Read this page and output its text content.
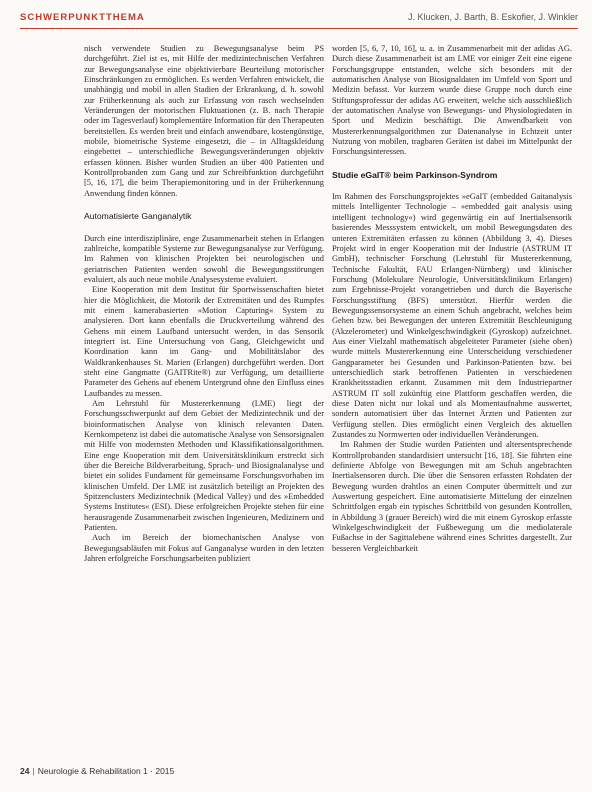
SCHWERPUNKTTHEMA	J. Klucken, J. Barth, B. Eskofier, J. Winkler

nisch verwendete Studien zu Bewegungsanalyse beim PS durchgeführt. Ziel ist es, mit Hilfe der medizintechnischen Verfahren zur Bewegungsanalyse eine objektivierbare Beurteilung motorischer Einschränkungen zu ermöglichen. Es werden Verfahren entwickelt, die unabhängig und mobil in allen Stadien der Erkrankung, d. h. sowohl zur Früherkennung als auch zur Erfassung von rasch wechselnden Veränderungen der motorischen Fluktuationen (z. B. nach Therapie oder im Tagesverlauf) komplementäre Information für den Therapeuten bereitstellen. Es werden breit und einfach anwendbare, kostengünstige, mobile, biometrische Systeme eingesetzt, die – in Alltagskleidung eingebettet – unterschiedliche Bewegungsveränderungen objektiv erfassen können. Bisher wurden Studien an über 400 Patienten und Kontrollprobanden zum Gang und zur Schreibfunktion durchgeführt [5, 16, 17], die beim Therapiemonitoring und in der Früherkennung Anwendung finden können.

Automatisierte Ganganalytik

Durch eine interdisziplinäre, enge Zusammenarbeit stehen in Erlangen zahlreiche, kompatible Systeme zur Bewegungsanalyse zur Verfügung. Im Rahmen von klinischen Projekten bei neurologischen und geriatrischen Patienten werden sowohl die Bewegungsstörungen evaluiert, als auch neue mobile Analysesysteme evaluiert.

Eine Kooperation mit dem Institut für Sportwissenschaften bietet hier die Möglichkeit, die Motorik der Extremitäten und des Rumpfes mit einem kamerabasierten »Motion Capturing« System zu analysieren. Dort kann ebenfalls die Druckverteilung während des Gehens mit einem Laufband untersucht werden, in das Sensorik integriert ist. Eine Untersuchung von Gang, Gleichgewicht und Koordination kann im Gang- und Mobilitätslabor des Waldkrankenhauses St. Marien (Erlangen) durchgeführt werden. Dort steht eine Gangmatte (GAITRite®) zur Verfügung, um detaillierte Parameter des Gehens auf ebenem Untergrund ohne den Einfluss eines Laufbandes zu messen.

Am Lehrstuhl für Mustererkennung (LME) liegt der Forschungsschwerpunkt auf dem Gebiet der Medizintechnik und der bioinformatischen Analyse von klinisch relevanten Daten. Kernkompetenz ist dabei die automatische Analyse von Sensorsignalen mit Hilfe von modernsten Methoden und Klassifikationsalgorithmen. Eine enge Kooperation mit dem Universitätsklinikum erstreckt sich über die Bereiche Bildverarbeitung, Sprach- und Biosignalanalyse und bietet ein solides Fundament für gemeinsame Forschungsvorhaben im klinischen Umfeld. Der LME ist zusätzlich beteiligt an Projekten des Spitzenclusters Medizintechnik (Medical Valley) und des »Embedded Systems Institutes« (ESI). Diese erfolgreichen Projekte stehen für eine herausragende Zusammenarbeit zwischen Ingenieuren, Medizinern und Patienten.

Auch im Bereich der biomechanischen Analyse von Bewegungsabläufen mit Fokus auf Ganganalyse wurden in den letzten Jahren erfolgreiche Forschungsarbeiten publiziert

worden [5, 6, 7, 10, 16], u. a. in Zusammenarbeit mit der adidas AG. Durch diese Zusammenarbeit ist am LME vor einiger Zeit eine eigene Forschungsgruppe entstanden, welche sich besonders mit der automatischen Analyse von Biosignaldaten im Umfeld von Sport und Medizin befasst. Vor kurzem wurde diese Gruppe noch durch eine Stiftungsprofessur der adidas AG erweitert, welche sich ausschließlich der automatischen Analyse von Bewegungs- und Physiologiedaten in Sport und Medizin beschäftigt. Die Anwendbarkeit von Mustererkennungsalgorithmen zur Datenanalyse in Echtzeit unter Nutzung von mobilen, tragbaren Geräten ist dabei im Mittelpunkt der Forschungsinteressen.

Studie eGaIT® beim Parkinson-Syndrom

Im Rahmen des Forschungsprojektes »eGaIT (embedded Gaitanalysis mittels Intelligenter Technologie – »embedded gait analysis using intelligent technology«) wird gegenwärtig ein auf Inertialsensorik basierendes Messsystem entwickelt, um mobil Bewegungsdaten des unteren Extremitäten erfassen zu können (Abbildung 3, 4). Dieses Projekt wird in enger Kooperation mit der Industrie (ASTRUM IT GmbH), technischer Forschung (Lehrstuhl für Mustererkennung, Technische Fakultät, FAU Erlangen-Nürnberg) und klinischer Forschung (Molekulare Neurologie, Universitätsklinikum Erlangen) zum Ergebnisse-Projekt vorangetrieben und durch die Bayerische Forschungsstiftung (BFS) unterstützt. Hierfür werden die Bewegungssensorsysteme an einem Schuh angebracht, welches beim Gehen bzw. bei Bewegungen der unteren Extremität Beschleunigung (Akzelerometer) und Winkelgeschwindigkeit (Gyroskop) aufzeichnet. Aus einer Vielzahl mathematisch abgeleiteter Parameter (siehe oben) wurde mittels Mustererkennung eine Unterscheidung verschiedener Gangparameter bei Gesunden und Parkinson-Patienten bzw. bei unterschiedlich stark betroffenen Patienten in verschiedenen Krankheitsstadien erkannt. Zusammen mit dem Industriepartner ASTRUM IT soll zukünftig eine Plattform geschaffen werden, die diese Daten nicht nur lokal und als Momentaufnahme auswertet, sondern automatisiert über das Internet Ärzten und Patienten zur Verfügung stellen. Dies ermöglicht einen Vergleich des aktuellen Zustandes zu Normwerten oder individuellen Veränderungen.

Im Rahmen der Studie wurden Patienten und altersentsprechende Kontrollprobanden standardisiert untersucht [16, 18]. Sie führten eine definierte Abfolge von Bewegungen mit am Schuh angebrachten Inertialsensoren durch. Die über die Sensoren erfassten Rohdaten der Bewegung wurden drahtlos an einen Computer übermittelt und zur Auswertung gespeichert. Eine automatisierte Mittelung der einzelnen Schrittfolgen ergab ein typisches Schrittbild von gesunden Kontrollen, in Abbildung 3 (grauer Bereich) wird die mit einem Gyroskop erfasste Winkelgeschwindigkeit der Fußbewegung um die mediolaterale Fußachse in der Sagittalebene während eines Schrittes dargestellt. Zur besseren Vergleichbarkeit

24 | Neurologie & Rehabilitation 1 · 2015
